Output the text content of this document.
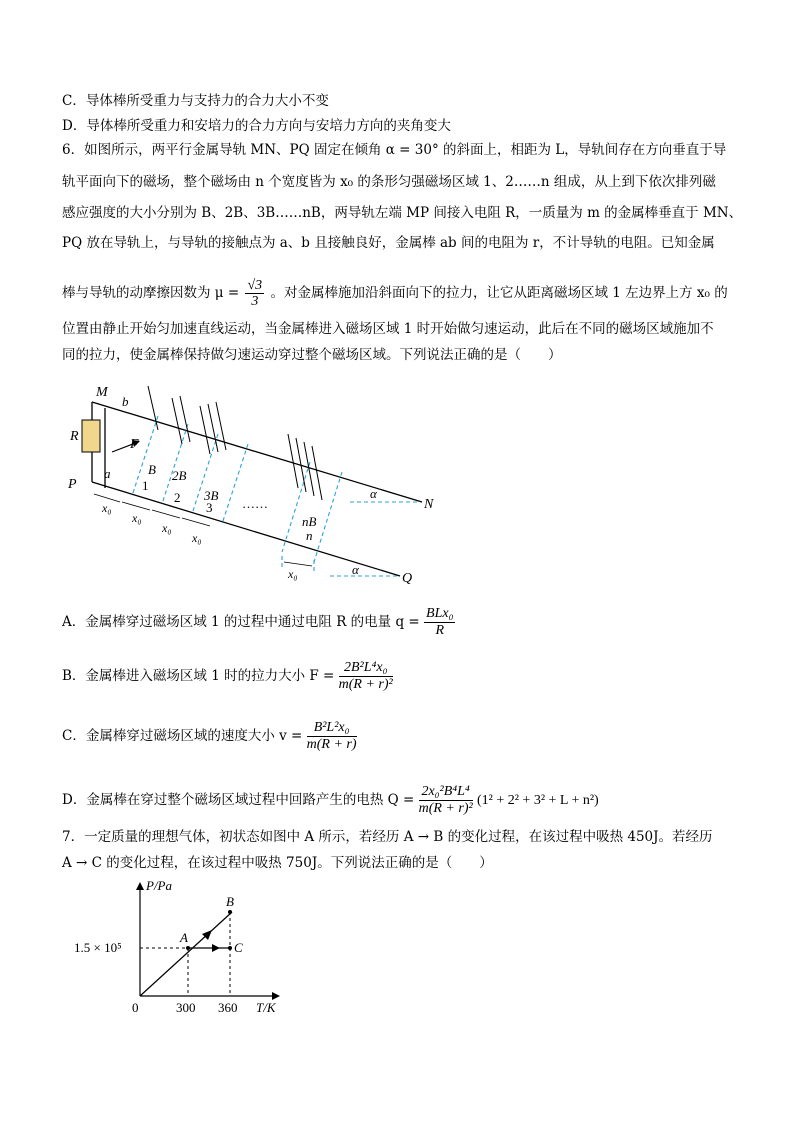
C．导体棒所受重力与支持力的合力大小不变
D．导体棒所受重力和安培力的合力方向与安培力方向的夹角变大
6．如图所示，两平行金属导轨 MN、PQ 固定在倾角 α = 30° 的斜面上，相距为 L，导轨间存在方向垂直于导
轨平面向下的磁场，整个磁场由 n 个宽度皆为 x₀ 的条形匀强磁场区域 1、2……n 组成，从上到下依次排列磁
感应强度的大小分别为 B、2B、3B……nB，两导轨左端 MP 间接入电阻 R，一质量为 m 的金属棒垂直于 MN、
PQ 放在导轨上，与导轨的接触点为 a、b 且接触良好，金属棒 ab 间的电阻为 r，不计导轨的电阻。已知金属
棒与导轨的动摩擦因数为 $\mu = \frac{√3}{3}$ 。对金属棒施加沿斜面向下的拉力，让它从距离磁场区域 1 左边界上方 x₀ 的
位置由静止开始匀加速直线运动，当金属棒进入磁场区域 1 时开始做匀速运动，此后在不同的磁场区域施加不
同的拉力，使金属棒保持做匀速运动穿过整个磁场区域。下列说法正确的是（　　）
M
P
N
Q
R
F
a
b
B 2B
3B
nB
1
2
3
n
……
x₀
x₀
x₀
x₀
x₀
α
α
A．金属棒穿过磁场区域 1 的过程中通过电阻 R 的电量 q =
BLx₀
R
B．金属棒进入磁场区域 1 时的拉力大小 $F = \frac{\text{2B²L⁴x₀}}{\text{m(R + r)²}}$
C．金属棒穿过磁场区域的速度大小 $v = \frac{\text{B²L²x₀}}{m(R + r)}$
D．金属棒在穿过整个磁场区域过程中回路产生的电热 $Q = \frac{\text{2x₀²B⁴L⁴}}{\text{m(R + r)²}} (1^2 + 2^2 + 3^2 + L + n^2)$
7．一定质量的理想气体，初状态如图中 A 所示，若经历 A → B 的变化过程，在该过程中吸热 450J。若经历
A → C 的变化过程，在该过程中吸热 750J。下列说法正确的是（　　）
P/Pa
T/K
1.5 × 10⁵
0	300 360
A
B
C
